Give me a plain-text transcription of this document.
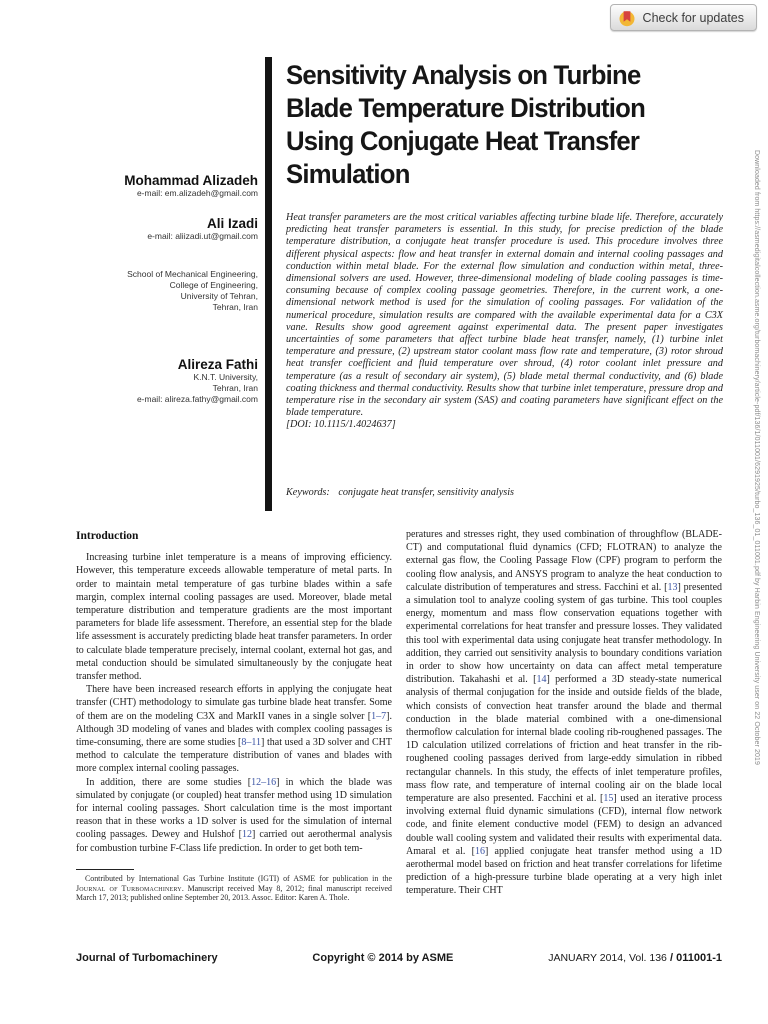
Check for updates
Mohammad Alizadeh
e-mail: em.alizadeh@gmail.com
Ali Izadi
e-mail: aliizadi.ut@gmail.com
School of Mechanical Engineering,
College of Engineering,
University of Tehran,
Tehran, Iran
Alireza Fathi
K.N.T. University,
Tehran, Iran
e-mail: alireza.fathy@gmail.com
Sensitivity Analysis on Turbine
Blade Temperature Distribution
Using Conjugate Heat Transfer
Simulation
Heat transfer parameters are the most critical variables affecting turbine blade life. Therefore, accurately predicting heat transfer parameters is essential. In this study, for precise prediction of the blade temperature distribution, a conjugate heat transfer procedure is used. This procedure involves three different physical aspects: flow and heat transfer in external domain and internal cooling passages and conduction within metal blade. For the external flow simulation and conduction within metal, three-dimensional solvers are used. However, three-dimensional modeling of blade cooling passages is time-consuming because of complex cooling passage geometries. Therefore, in the current work, a one-dimensional network method is used for the simulation of cooling passages. For validation of the numerical procedure, simulation results are compared with the available experimental data for a C3X vane. Results show good agreement against experimental data. The present paper investigates uncertainties of some parameters that affect turbine blade heat transfer, namely, (1) turbine inlet temperature and pressure, (2) upstream stator coolant mass flow rate and temperature, (3) rotor shroud heat transfer coefficient and fluid temperature over shroud, (4) rotor coolant inlet pressure and temperature (as a result of secondary air system), (5) blade metal thermal conductivity, and (6) blade coating thickness and thermal conductivity. Results show that turbine inlet temperature, pressure drop and temperature rise in the secondary air system (SAS) and coating parameters have significant effect on the blade temperature.
[DOI: 10.1115/1.4024637]
Keywords: conjugate heat transfer, sensitivity analysis
Introduction

Increasing turbine inlet temperature is a means of improving efficiency. However, this temperature exceeds allowable temperature of metal parts. In order to maintain metal temperature of gas turbine blades within a safe margin, complex internal cooling passages are used. Moreover, blade metal temperature distribution and temperature gradients are the most important parameters for blade life assessment. Therefore, an essential step for the blade life assessment is accurately predicting blade heat transfer parameters. In order to calculate blade temperature precisely, internal coolant, external hot gas, and metal conduction should be simulated simultaneously by the conjugate heat transfer method.

There have been increased research efforts in applying the conjugate heat transfer (CHT) methodology to simulate gas turbine blade heat transfer. Some of them are on the modeling C3X and MarkII vanes in a single solver [1–7]. Although 3D modeling of vanes and blades with complex cooling passages is time-consuming, there are some studies [8–11] that used a 3D solver and CHT method to calculate the temperature distribution of vanes and blades with more complex internal cooling passages.

In addition, there are some studies [12–16] in which the blade was simulated by conjugate (or coupled) heat transfer method using 1D simulation for internal cooling passages. Short calculation time is the most important reason that in these works a 1D solver is used for the simulation of internal cooling passages. Dewey and Hulshof [12] carried out aerothermal analysis for combustion turbine F-Class life prediction. In order to get both tem-

Contributed by International Gas Turbine Institute (IGTI) of ASME for publication in the Journal of Turbomachinery. Manuscript received May 8, 2012; final manuscript received March 17, 2013; published online September 20, 2013. Assoc. Editor: Karen A. Thole.

peratures and stresses right, they used combination of throughflow (BLADE-CT) and computational fluid dynamics (CFD; FLOTRAN) to analyze the external gas flow, the Cooling Passage Flow (CPF) program to perform the cooling flow analysis, and ANSYS program to analyze the heat conduction to calculate distribution of temperatures and stress. Facchini et al. [13] presented a simulation tool to analyze cooling system of gas turbine. This tool couples energy, momentum and mass flow conservation equations together with experimental correlations for heat transfer and pressure losses. They validated this tool with experimental data using conjugate heat transfer methodology. In addition, they carried out sensitivity analysis to boundary conditions variation in order to show how uncertainty on data can affect metal temperature distribution. Takahashi et al. [14] performed a 3D steady-state numerical analysis of thermal conjugation for the inside and outside fields of the blade, which consists of convection heat transfer around the blade and thermal conduction in the blade material combined with a one-dimensional thermoflow calculation for internal blade cooling rib-roughened passages. The 1D calculation utilized correlations of friction and heat transfer in the rib-roughened cooling passages derived from large-eddy simulation in ribbed rectangular channels. In this study, the effects of inlet temperature profiles, mass flow rate, and temperature of internal cooling air on the blade local temperature are also presented. Facchini et al. [15] used an iterative process involving external fluid dynamic simulations (CFD), internal flow network code, and finite element conductive model (FEM) to design an advanced double wall cooling system and validated their results with experimental data. Amaral et al. [16] applied conjugate heat transfer method using a 1D aerothermal model based on friction and heat transfer correlations for lifetime prediction of a high-pressure turbine blade operating at a very high inlet temperature. Their CHT

Journal of Turbomachinery	Copyright © 2014 by ASME	JANUARY 2014, Vol. 136 / 011001-1
Downloaded from https://asmedigitalcollection.asme.org/turbomachinery/article-pdf/136/1/011001/6291925/turbo_136_01_011001.pdf by Harbin Engineering University user on 22 October 2019
